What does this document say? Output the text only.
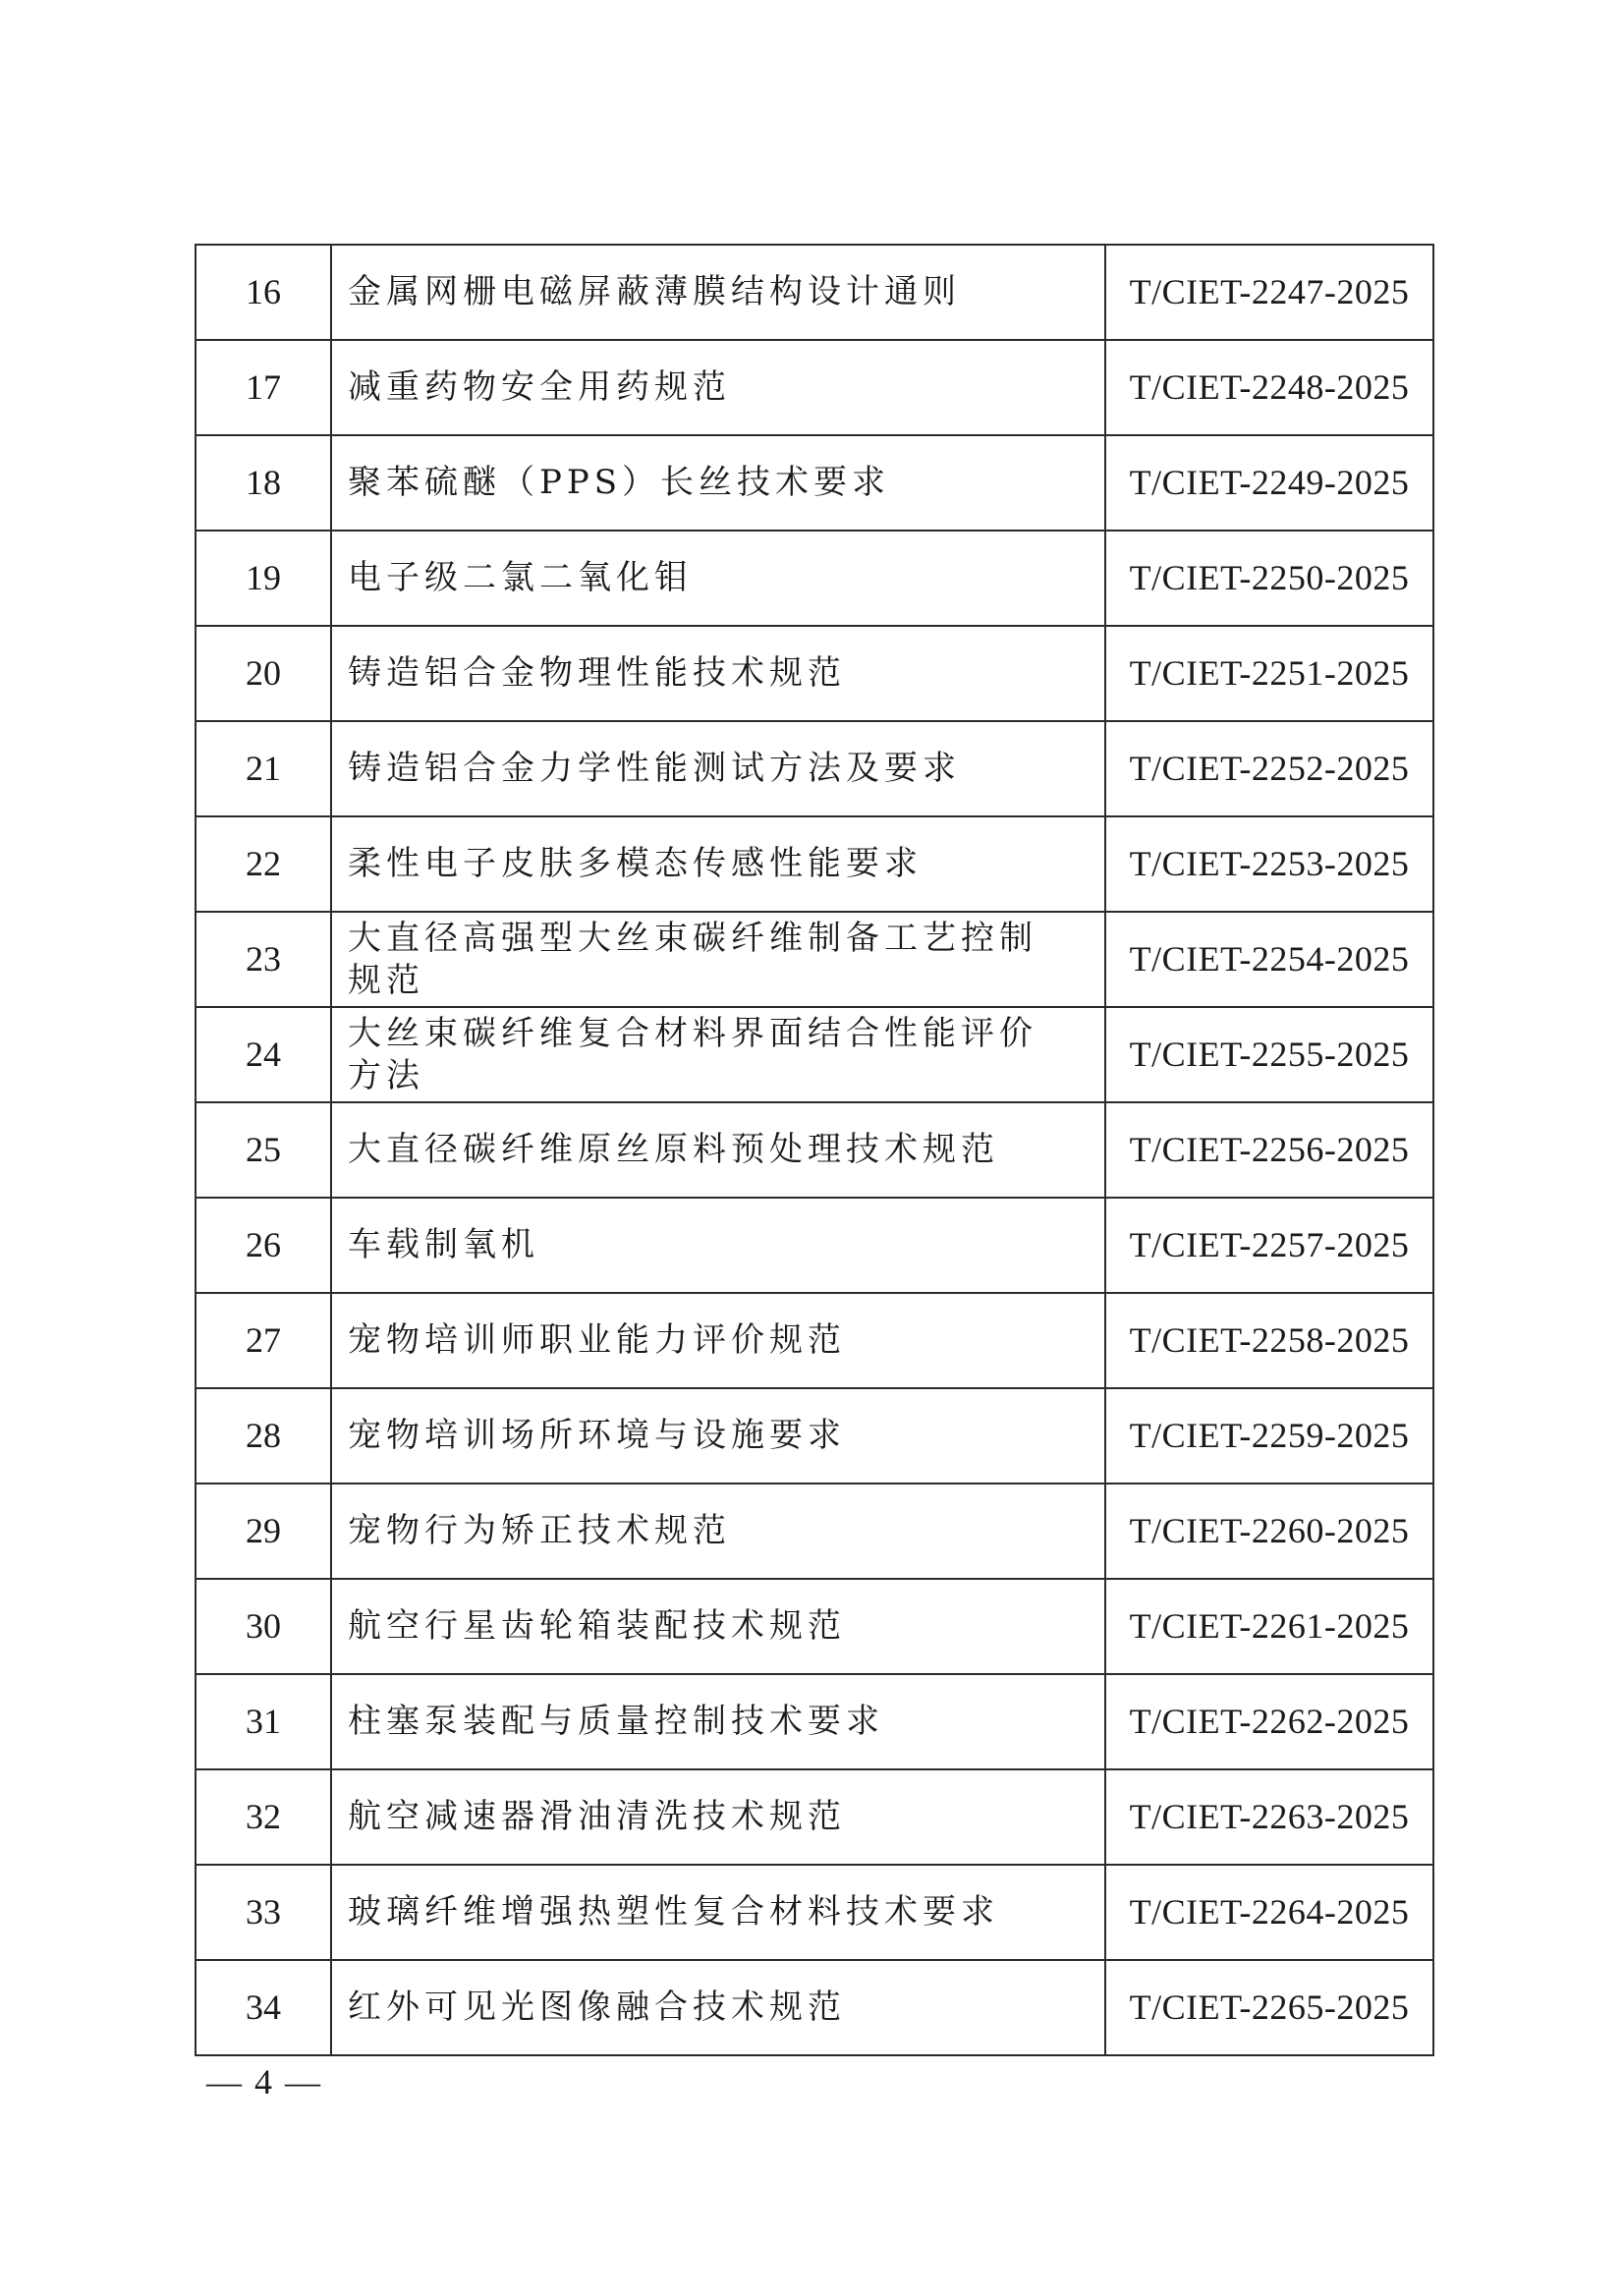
16	金属网栅电磁屏蔽薄膜结构设计通则	T/CIET-2247-2025
17	减重药物安全用药规范	T/CIET-2248-2025
18	聚苯硫醚（PPS）长丝技术要求	T/CIET-2249-2025
19	电子级二氯二氧化钼	T/CIET-2250-2025
20	铸造铝合金物理性能技术规范	T/CIET-2251-2025
21	铸造铝合金力学性能测试方法及要求	T/CIET-2252-2025
22	柔性电子皮肤多模态传感性能要求	T/CIET-2253-2025
23	大直径高强型大丝束碳纤维制备工艺控制规范	T/CIET-2254-2025
24	大丝束碳纤维复合材料界面结合性能评价方法	T/CIET-2255-2025
25	大直径碳纤维原丝原料预处理技术规范	T/CIET-2256-2025
26	车载制氧机	T/CIET-2257-2025
27	宠物培训师职业能力评价规范	T/CIET-2258-2025
28	宠物培训场所环境与设施要求	T/CIET-2259-2025
29	宠物行为矫正技术规范	T/CIET-2260-2025
30	航空行星齿轮箱装配技术规范	T/CIET-2261-2025
31	柱塞泵装配与质量控制技术要求	T/CIET-2262-2025
32	航空减速器滑油清洗技术规范	T/CIET-2263-2025
33	玻璃纤维增强热塑性复合材料技术要求	T/CIET-2264-2025
34	红外可见光图像融合技术规范	T/CIET-2265-2025
— 4 —
